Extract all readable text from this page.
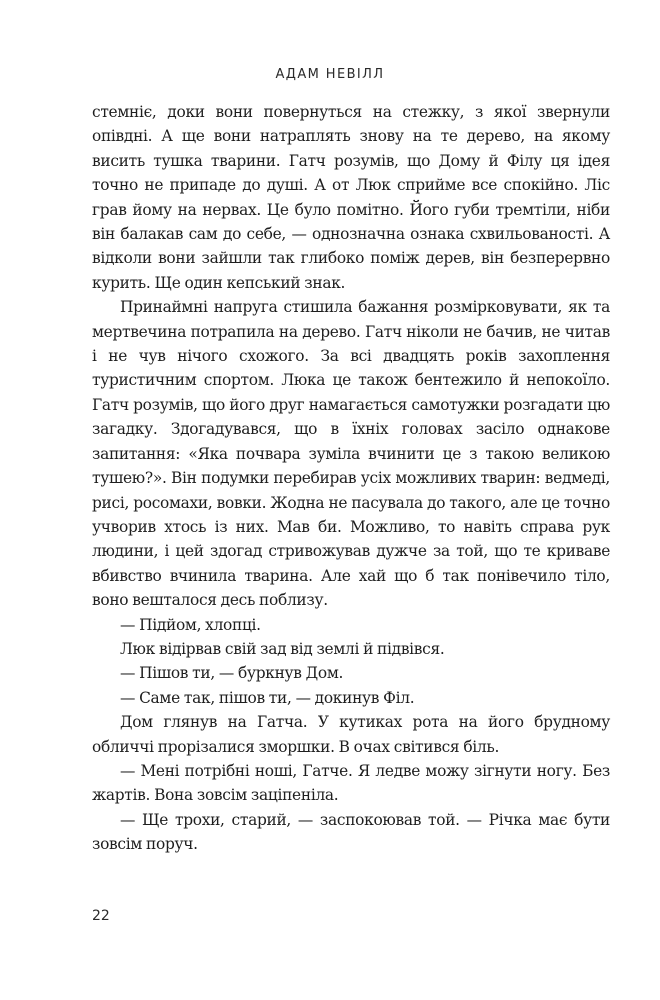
АДАМ НЕВІЛЛ

стемніє, доки вони повернуться на стежку, з якої звернули опівдні. А ще вони натраплять знову на те дерево, на якому висить тушка тварини. Гатч розумів, що Дому й Філу ця ідея точно не припаде до душі. А от Люк сприйме все спокійно. Ліс грав йому на нервах. Це було помітно. Його губи тремтіли, ніби він балакав сам до себе, — однозначна ознака схвильованості. А відколи вони зайшли так глибоко поміж дерев, він безперервно курить. Ще один кепський знак.

Принаймні напруга стишила бажання розмірковувати, як та мертвечина потрапила на дерево. Гатч ніколи не бачив, не читав і не чув нічого схожого. За всі двадцять років захоплення туристичним спортом. Люка це також бентежило й непокоїло. Гатч розумів, що його друг намагається самотужки розгадати цю загадку. Здогадувався, що в їхніх головах засіло однакове запитання: «Яка почвара зуміла вчинити це з такою великою тушею?». Він подумки перебирав усіх можливих тварин: ведмеді, рисі, росомахи, вовки. Жодна не пасувала до такого, але це точно учворив хтось із них. Мав би. Можливо, то навіть справа рук людини, і цей здогад стривожував дужче за той, що те криваве вбивство вчинила тварина. Але хай що б так понівечило тіло, воно вешталося десь поблизу.

— Підйом, хлопці.

Люк відірвав свій зад від землі й підвівся.

— Пішов ти, — буркнув Дом.

— Саме так, пішов ти, — докинув Філ.

Дом глянув на Гатча. У кутиках рота на його брудному обличчі прорізалися зморшки. В очах світився біль.

— Мені потрібні ноші, Гатче. Я ледве можу зігнути ногу. Без жартів. Вона зовсім заціпеніла.

— Ще трохи, старий, — заспокоював той. — Річка має бути зовсім поруч.

22
